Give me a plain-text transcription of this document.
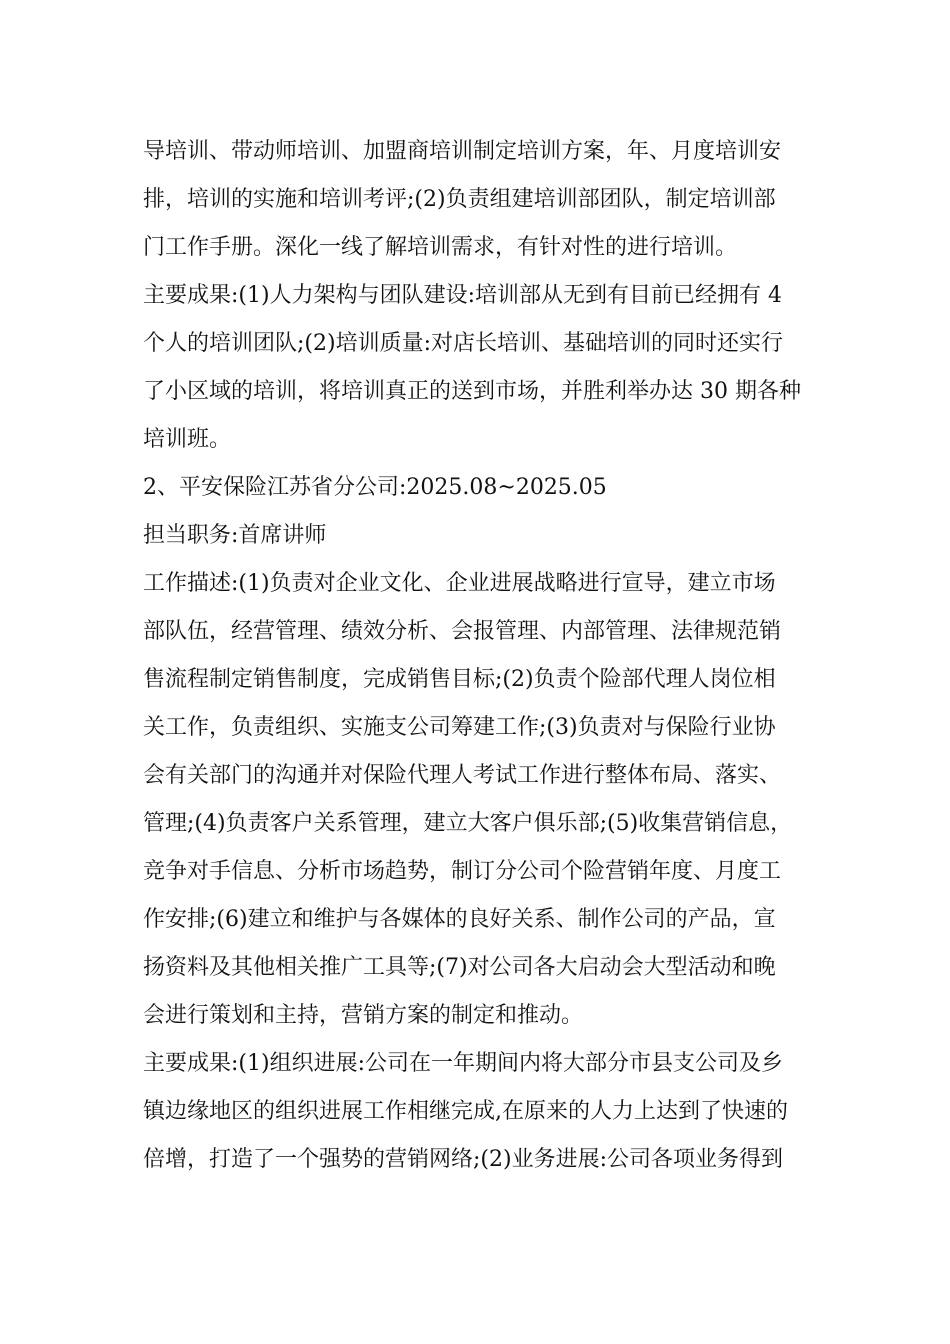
导培训、带动师培训、加盟商培训制定培训方案，年、月度培训安
排，培训的实施和培训考评;(2)负责组建培训部团队，制定培训部
门工作手册。深化一线了解培训需求，有针对性的进行培训。
主要成果:(1)人力架构与团队建设:培训部从无到有目前已经拥有 4
个人的培训团队;(2)培训质量:对店长培训、基础培训的同时还实行
了小区域的培训，将培训真正的送到市场，并胜利举办达 30 期各种
培训班。
2、平安保险江苏省分公司:2025.08~2025.05
担当职务:首席讲师
工作描述:(1)负责对企业文化、企业进展战略进行宣导，建立市场
部队伍，经营管理、绩效分析、会报管理、内部管理、法律规范销
售流程制定销售制度，完成销售目标;(2)负责个险部代理人岗位相
关工作，负责组织、实施支公司筹建工作;(3)负责对与保险行业协
会有关部门的沟通并对保险代理人考试工作进行整体布局、落实、
管理;(4)负责客户关系管理，建立大客户俱乐部;(5)收集营销信息，
竞争对手信息、分析市场趋势，制订分公司个险营销年度、月度工
作安排;(6)建立和维护与各媒体的良好关系、制作公司的产品，宣
扬资料及其他相关推广工具等;(7)对公司各大启动会大型活动和晚
会进行策划和主持，营销方案的制定和推动。
主要成果:(1)组织进展:公司在一年期间内将大部分市县支公司及乡
镇边缘地区的组织进展工作相继完成,在原来的人力上达到了快速的
倍增，打造了一个强势的营销网络;(2)业务进展:公司各项业务得到
